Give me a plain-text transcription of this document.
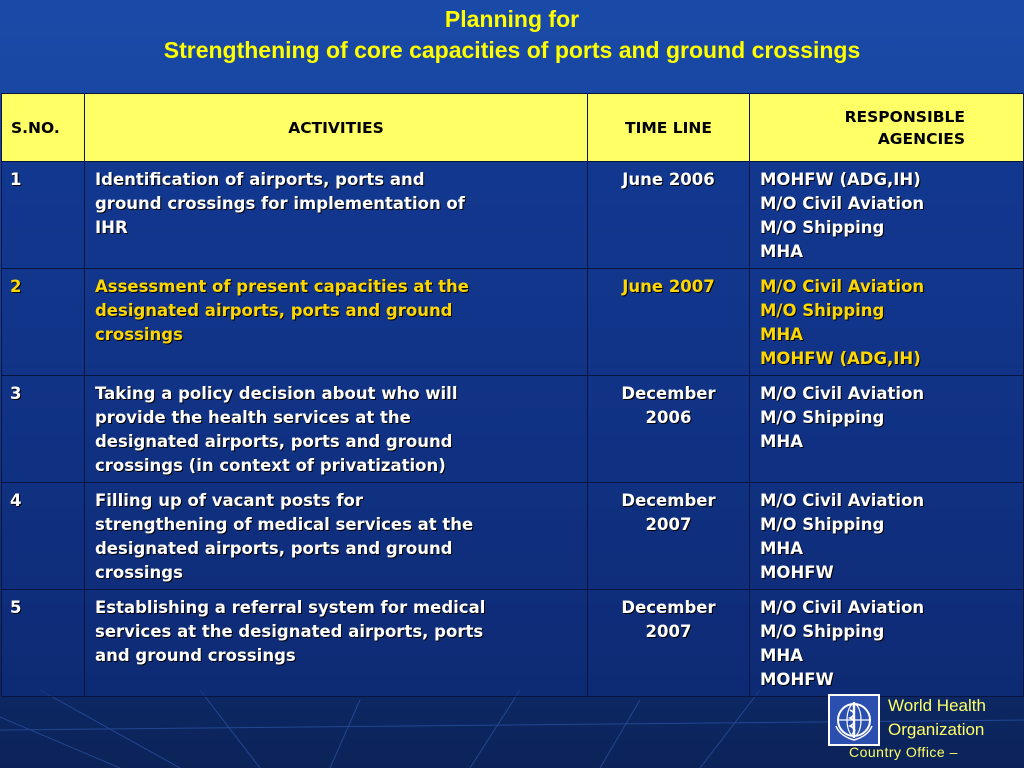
Planning for
Strengthening of core capacities of ports and ground crossings
S.NO.	ACTIVITIES	TIME LINE	RESPONSIBLE
AGENCIES

1	Identification of airports, ports and
ground crossings for implementation of
IHR	June 2006	MOHFW (ADG,IH)
M/O Civil Aviation
M/O Shipping
MHA

2	Assessment of present capacities at the
designated airports, ports and ground
crossings	June 2007	M/O Civil Aviation
M/O Shipping
MHA
MOHFW (ADG,IH)

3	Taking a policy decision about who will
provide the health services at the
designated airports, ports and ground
crossings (in context of privatization)	December
2006	M/O Civil Aviation
M/O Shipping
MHA

4	Filling up of vacant posts for
strengthening of medical services at the
designated airports, ports and ground
crossings	December
2007	M/O Civil Aviation
M/O Shipping
MHA
MOHFW

5	Establishing a referral system for medical
services at the designated airports, ports
and ground crossings	December
2007	M/O Civil Aviation
M/O Shipping
MHA
MOHFW
World Health
Organization
Country Office –
